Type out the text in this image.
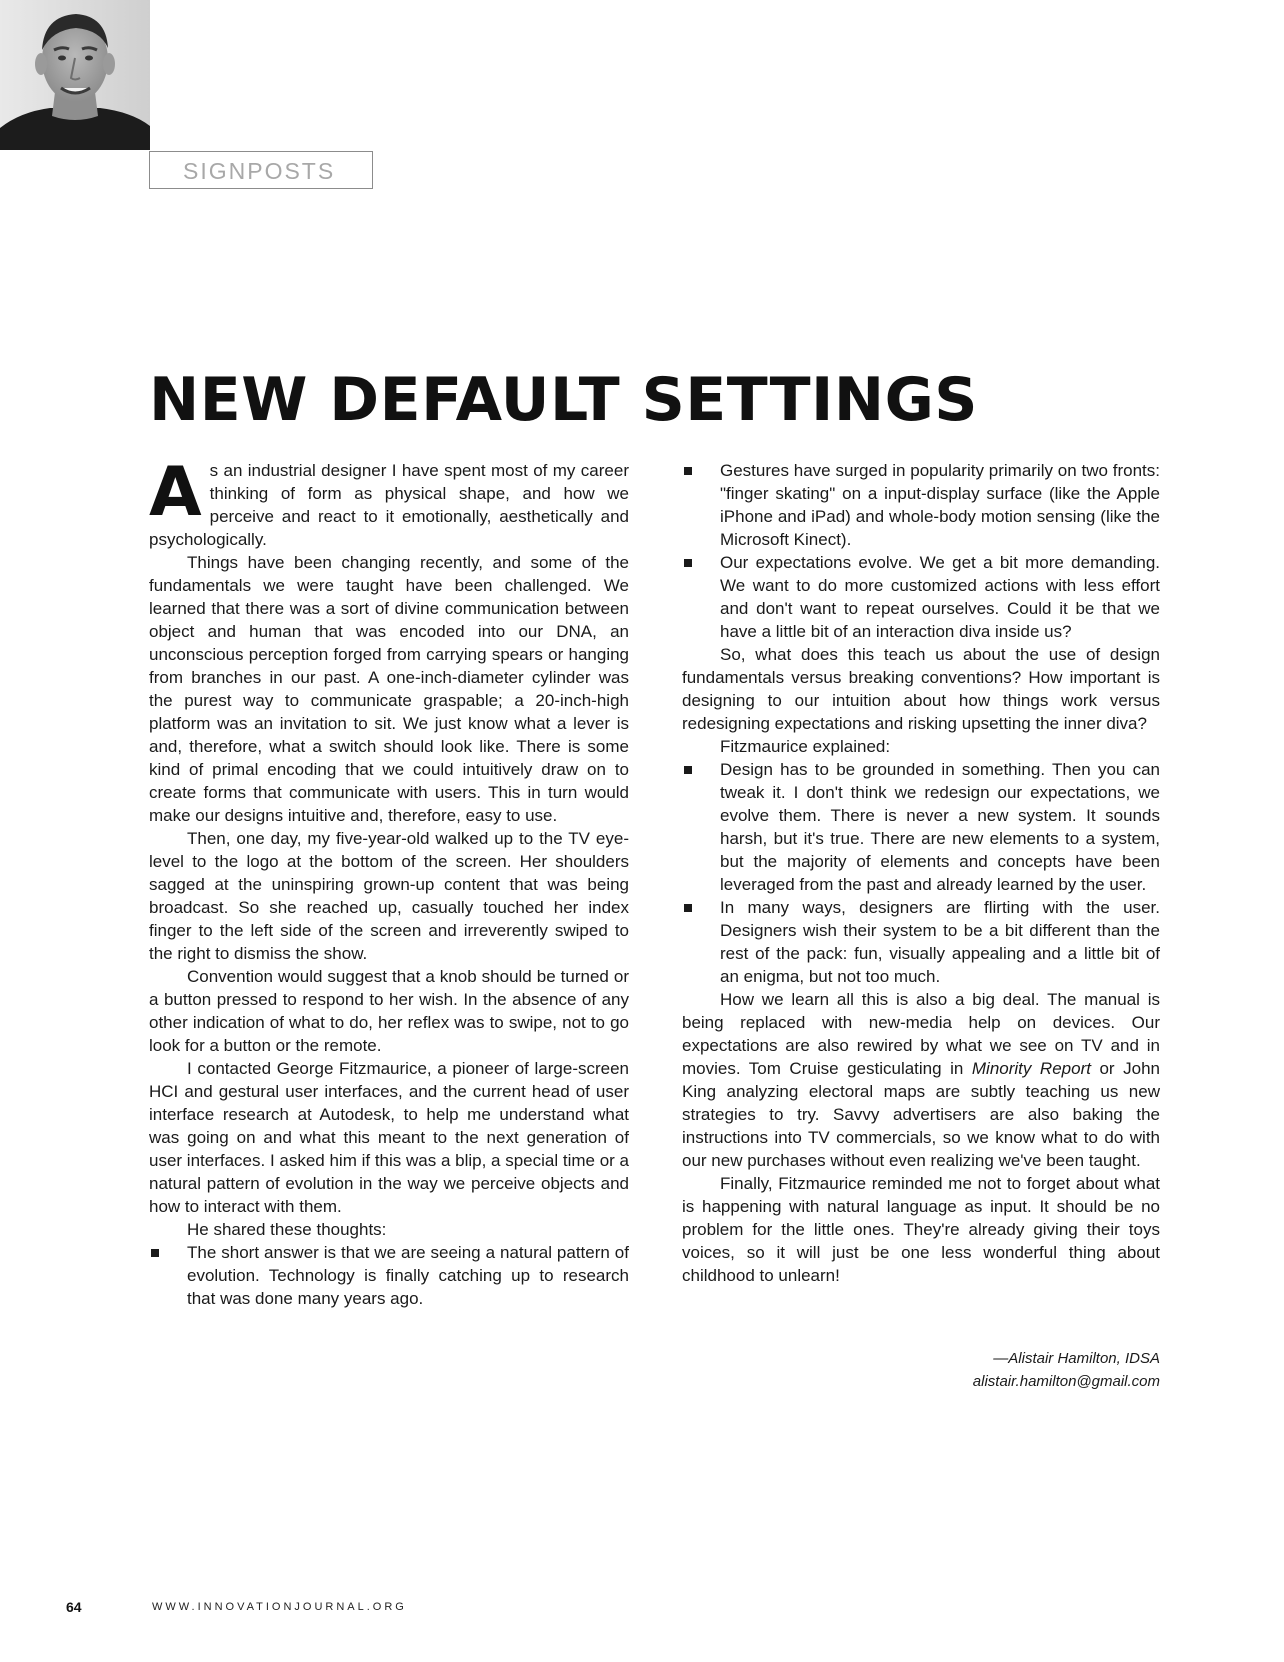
SIGNPOSTS
NEW DEFAULT SETTINGS

As an industrial designer I have spent most of my career thinking of form as physical shape, and how we perceive and react to it emotionally, aesthetically and psychologically.

Things have been changing recently, and some of the fundamentals we were taught have been challenged. We learned that there was a sort of divine communication between object and human that was encoded into our DNA, an unconscious perception forged from carrying spears or hanging from branches in our past. A one-inch-diameter cylinder was the purest way to communicate graspable; a 20-inch-high platform was an invitation to sit. We just know what a lever is and, therefore, what a switch should look like. There is some kind of primal encoding that we could intuitively draw on to create forms that communicate with users. This in turn would make our designs intuitive and, therefore, easy to use.

Then, one day, my five-year-old walked up to the TV eye-level to the logo at the bottom of the screen. Her shoulders sagged at the uninspiring grown-up content that was being broadcast. So she reached up, casually touched her index finger to the left side of the screen and irreverently swiped to the right to dismiss the show.

Convention would suggest that a knob should be turned or a button pressed to respond to her wish. In the absence of any other indication of what to do, her reflex was to swipe, not to go look for a button or the remote.

I contacted George Fitzmaurice, a pioneer of large-screen HCI and gestural user interfaces, and the current head of user interface research at Autodesk, to help me understand what was going on and what this meant to the next generation of user interfaces. I asked him if this was a blip, a special time or a natural pattern of evolution in the way we perceive objects and how to interact with them.

He shared these thoughts:

The short answer is that we are seeing a natural pattern of evolution. Technology is finally catching up to research that was done many years ago.
Gestures have surged in popularity primarily on two fronts: "finger skating" on a input-display surface (like the Apple iPhone and iPad) and whole-body motion sensing (like the Microsoft Kinect).
Our expectations evolve. We get a bit more demanding. We want to do more customized actions with less effort and don't want to repeat ourselves. Could it be that we have a little bit of an interaction diva inside us?

So, what does this teach us about the use of design fundamentals versus breaking conventions? How important is designing to our intuition about how things work versus redesigning expectations and risking upsetting the inner diva?

Fitzmaurice explained:

Design has to be grounded in something. Then you can tweak it. I don't think we redesign our expectations, we evolve them. There is never a new system. It sounds harsh, but it's true. There are new elements to a system, but the majority of elements and concepts have been leveraged from the past and already learned by the user.
In many ways, designers are flirting with the user. Designers wish their system to be a bit different than the rest of the pack: fun, visually appealing and a little bit of an enigma, but not too much.

How we learn all this is also a big deal. The manual is being replaced with new-media help on devices. Our expectations are also rewired by what we see on TV and in movies. Tom Cruise gesticulating in Minority Report or John King analyzing electoral maps are subtly teaching us new strategies to try. Savvy advertisers are also baking the instructions into TV commercials, so we know what to do with our new purchases without even realizing we've been taught.

Finally, Fitzmaurice reminded me not to forget about what is happening with natural language as input. It should be no problem for the little ones. They're already giving their toys voices, so it will just be one less wonderful thing about childhood to unlearn!

—Alistair Hamilton, IDSA
alistair.hamilton@gmail.com
64	WWW.INNOVATIONJOURNAL.ORG
